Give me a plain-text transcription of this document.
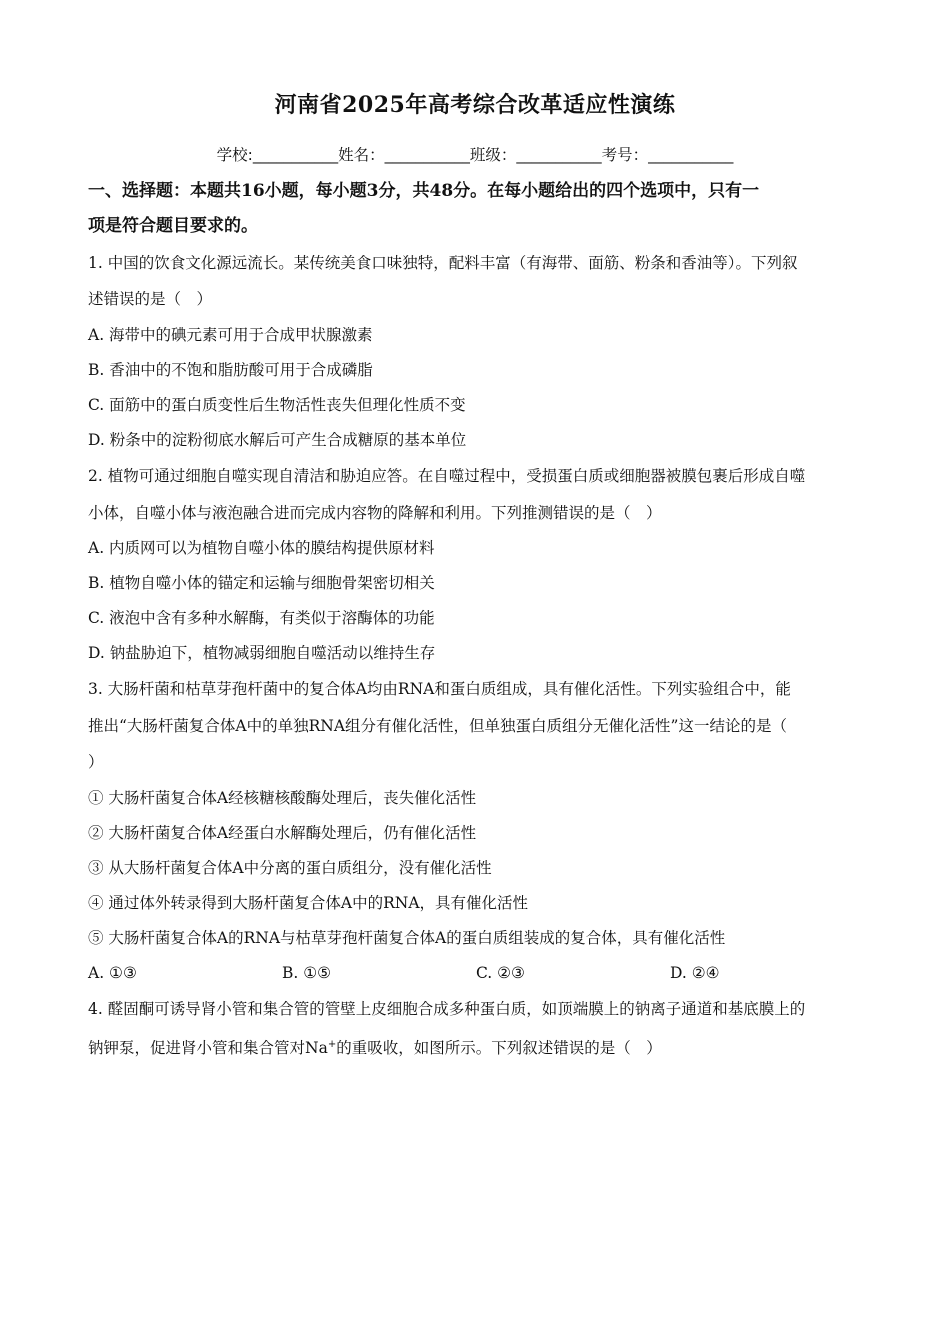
河南省2025年高考综合改革适应性演练
学校:___________姓名：___________班级：___________考号：___________
一、选择题：本题共16小题，每小题3分，共48分。在每小题给出的四个选项中，只有一
项是符合题目要求的。
1. 中国的饮食文化源远流长。某传统美食口味独特，配料丰富（有海带、面筋、粉条和香油等）。下列叙
述错误的是（　）
A. 海带中的碘元素可用于合成甲状腺激素
B. 香油中的不饱和脂肪酸可用于合成磷脂
C. 面筋中的蛋白质变性后生物活性丧失但理化性质不变
D. 粉条中的淀粉彻底水解后可产生合成糖原的基本单位
2. 植物可通过细胞自噬实现自清洁和胁迫应答。在自噬过程中，受损蛋白质或细胞器被膜包裹后形成自噬
小体，自噬小体与液泡融合进而完成内容物的降解和利用。下列推测错误的是（　）
A. 内质网可以为植物自噬小体的膜结构提供原材料
B. 植物自噬小体的锚定和运输与细胞骨架密切相关
C. 液泡中含有多种水解酶，有类似于溶酶体的功能
D. 钠盐胁迫下，植物减弱细胞自噬活动以维持生存
3. 大肠杆菌和枯草芽孢杆菌中的复合体A均由RNA和蛋白质组成，具有催化活性。下列实验组合中，能
推出“大肠杆菌复合体A中的单独RNA组分有催化活性，但单独蛋白质组分无催化活性”这一结论的是（
）
① 大肠杆菌复合体A经核糖核酸酶处理后，丧失催化活性
② 大肠杆菌复合体A经蛋白水解酶处理后，仍有催化活性
③ 从大肠杆菌复合体A中分离的蛋白质组分，没有催化活性
④ 通过体外转录得到大肠杆菌复合体A中的RNA，具有催化活性
⑤ 大肠杆菌复合体A的RNA与枯草芽孢杆菌复合体A的蛋白质组装成的复合体，具有催化活性
A. ①③	B. ①⑤	C. ②③	D. ②④
4. 醛固酮可诱导肾小管和集合管的管壁上皮细胞合成多种蛋白质，如顶端膜上的钠离子通道和基底膜上的
钠钾泵，促进肾小管和集合管对Na+的重吸收，如图所示。下列叙述错误的是（　）
